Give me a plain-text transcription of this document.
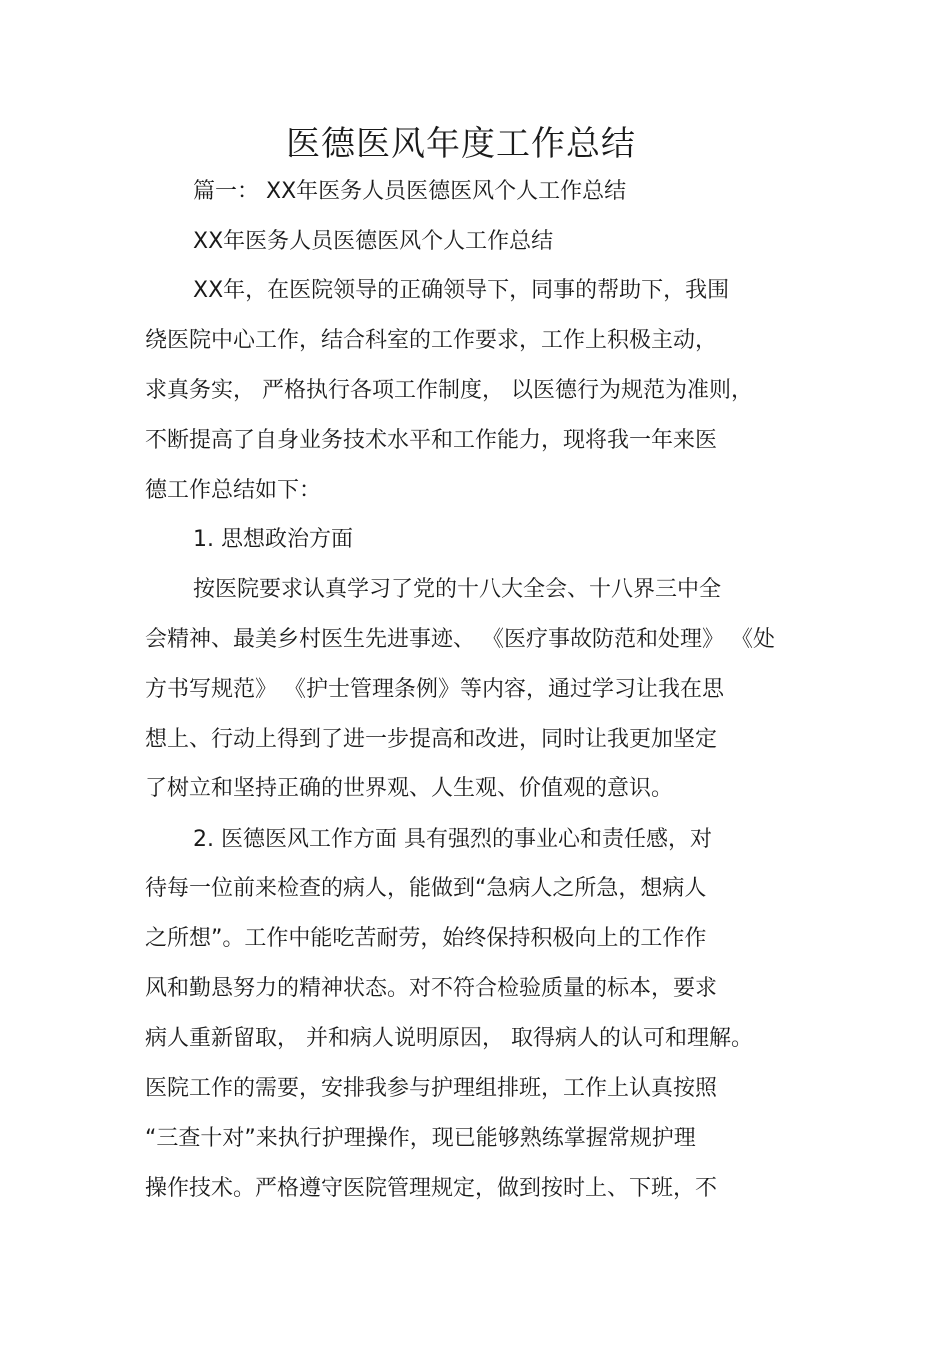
医德医风年度工作总结
篇一： XX年医务人员医德医风个人工作总结
XX年医务人员医德医风个人工作总结
XX年，在医院领导的正确领导下，同事的帮助下，我围
绕医院中心工作，结合科室的工作要求，工作上积极主动，
求真务实， 严格执行各项工作制度， 以医德行为规范为准则，
不断提高了自身业务技术水平和工作能力，现将我一年来医
德工作总结如下：
1. 思想政治方面
按医院要求认真学习了党的十八大全会、十八界三中全
会精神、最美乡村医生先进事迹、 《医疗事故防范和处理》 《处
方书写规范》 《护士管理条例》等内容，通过学习让我在思
想上、行动上得到了进一步提高和改进，同时让我更加坚定
了树立和坚持正确的世界观、人生观、价值观的意识。
2. 医德医风工作方面 具有强烈的事业心和责任感，对
待每一位前来检查的病人，能做到“急病人之所急，想病人
之所想”。工作中能吃苦耐劳，始终保持积极向上的工作作
风和勤恳努力的精神状态。对不符合检验质量的标本，要求
病人重新留取， 并和病人说明原因， 取得病人的认可和理解。
医院工作的需要，安排我参与护理组排班，工作上认真按照
“三查十对”来执行护理操作，现已能够熟练掌握常规护理
操作技术。严格遵守医院管理规定，做到按时上、下班，不
